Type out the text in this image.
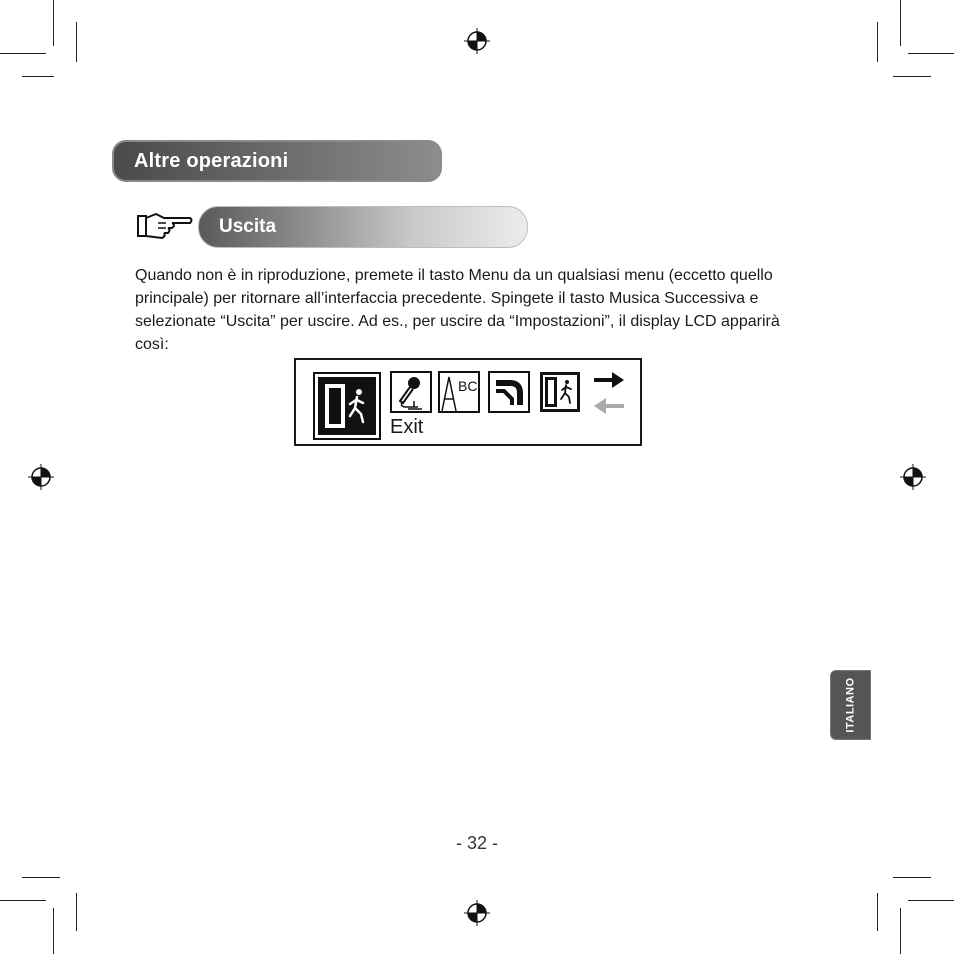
Altre operazioni
Uscita

Quando non è in riproduzione, premete il tasto Menu da un qualsiasi menu (eccetto quello principale) per ritornare all’interfaccia precedente. Spingete il tasto Musica Successiva e selezionate “Uscita” per uscire. Ad es., per uscire da “Impostazioni”, il display LCD apparirà così:

BC
Exit
ITALIANO
- 32 -
